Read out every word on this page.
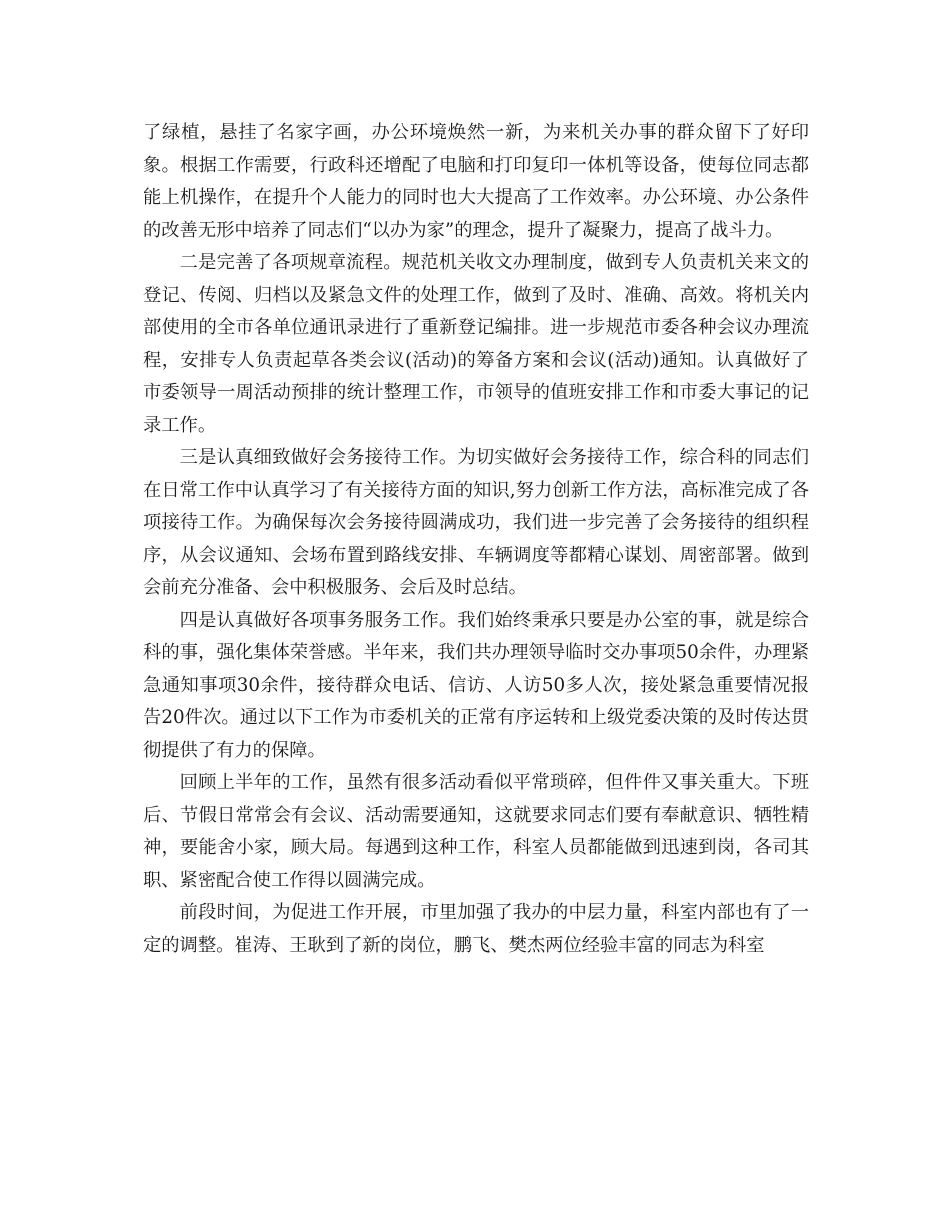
了绿植，悬挂了名家字画，办公环境焕然一新，为来机关办事的群众留下了好印象。根据工作需要，行政科还增配了电脑和打印复印一体机等设备，使每位同志都能上机操作，在提升个人能力的同时也大大提高了工作效率。办公环境、办公条件的改善无形中培养了同志们“以办为家”的理念，提升了凝聚力，提高了战斗力。

二是完善了各项规章流程。规范机关收文办理制度，做到专人负责机关来文的登记、传阅、归档以及紧急文件的处理工作，做到了及时、准确、高效。将机关内部使用的全市各单位通讯录进行了重新登记编排。进一步规范市委各种会议办理流程，安排专人负责起草各类会议(活动)的筹备方案和会议(活动)通知。认真做好了市委领导一周活动预排的统计整理工作，市领导的值班安排工作和市委大事记的记录工作。

三是认真细致做好会务接待工作。为切实做好会务接待工作，综合科的同志们在日常工作中认真学习了有关接待方面的知识,努力创新工作方法，高标准完成了各项接待工作。为确保每次会务接待圆满成功，我们进一步完善了会务接待的组织程序，从会议通知、会场布置到路线安排、车辆调度等都精心谋划、周密部署。做到会前充分准备、会中积极服务、会后及时总结。

四是认真做好各项事务服务工作。我们始终秉承只要是办公室的事，就是综合科的事，强化集体荣誉感。半年来，我们共办理领导临时交办事项50余件，办理紧急通知事项30余件，接待群众电话、信访、人访50多人次，接处紧急重要情况报告20件次。通过以下工作为市委机关的正常有序运转和上级党委决策的及时传达贯彻提供了有力的保障。

回顾上半年的工作，虽然有很多活动看似平常琐碎，但件件又事关重大。下班后、节假日常常会有会议、活动需要通知，这就要求同志们要有奉献意识、牺牲精神，要能舍小家，顾大局。每遇到这种工作，科室人员都能做到迅速到岗，各司其职、紧密配合使工作得以圆满完成。

前段时间，为促进工作开展，市里加强了我办的中层力量，科室内部也有了一定的调整。崔涛、王耿到了新的岗位，鹏飞、樊杰两位经验丰富的同志为科室
